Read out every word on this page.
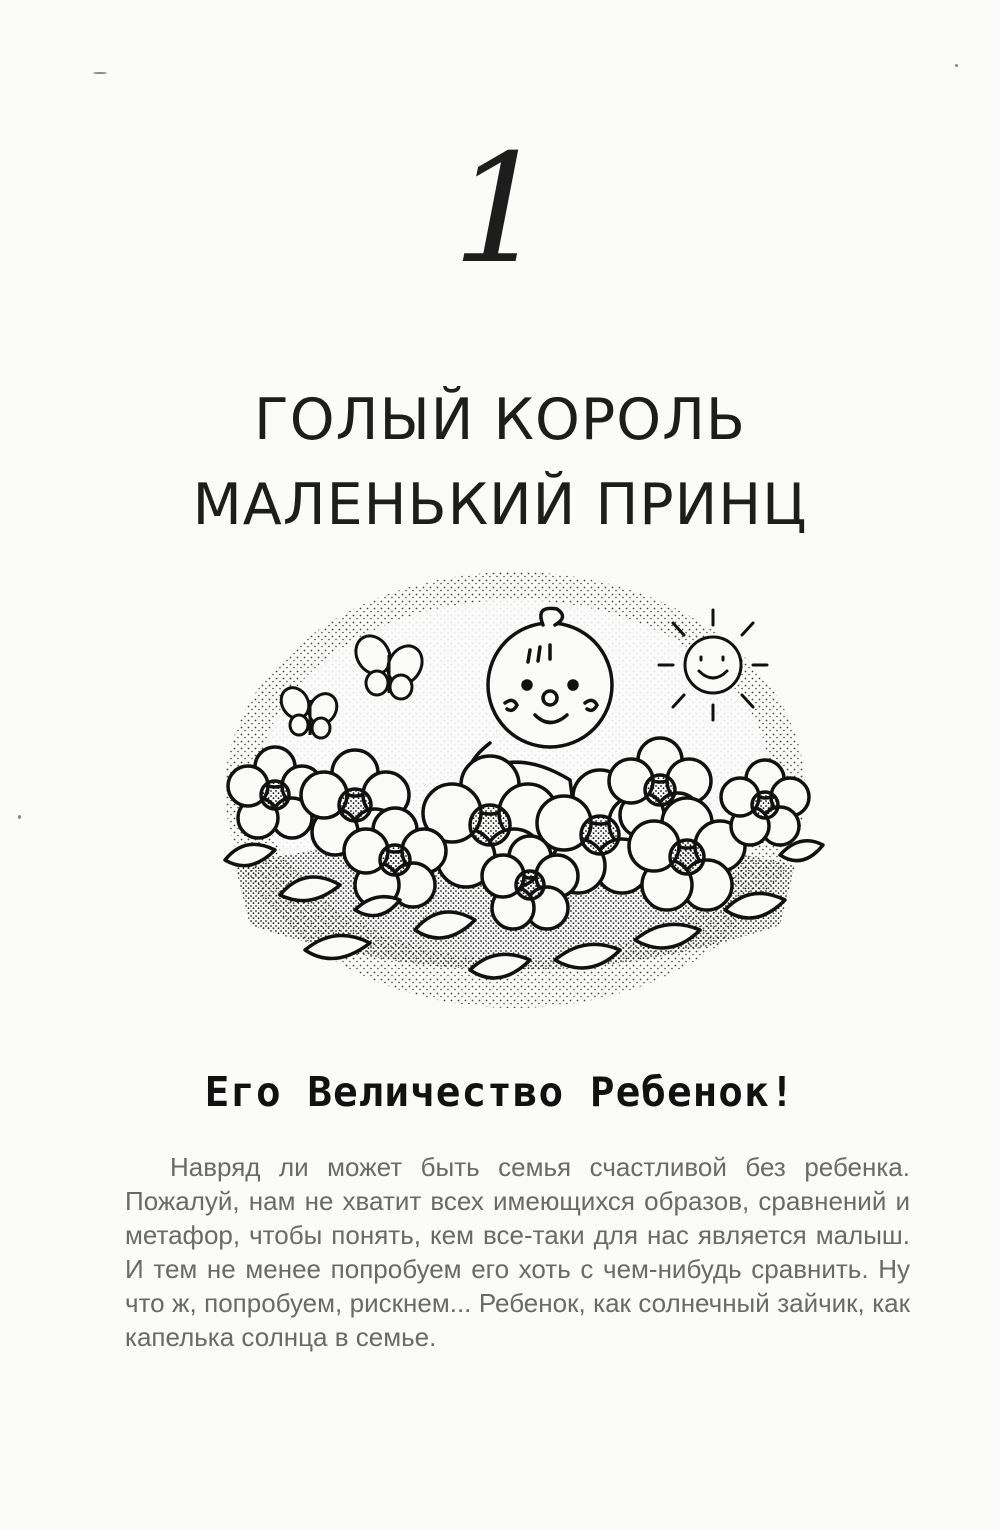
1
ГОЛЫЙ КОРОЛЬ
МАЛЕНЬКИЙ ПРИНЦ
Его Величество Ребенок!

Навряд ли может быть семья счастливой без ребенка. Пожалуй, нам не хватит всех имеющихся образов, сравнений и метафор, чтобы понять, кем все-таки для нас является малыш. И тем не менее попробуем его хоть с чем-нибудь сравнить. Ну что ж, попробуем, рискнем... Ребенок, как солнечный зайчик, как капелька солнца в семье.
